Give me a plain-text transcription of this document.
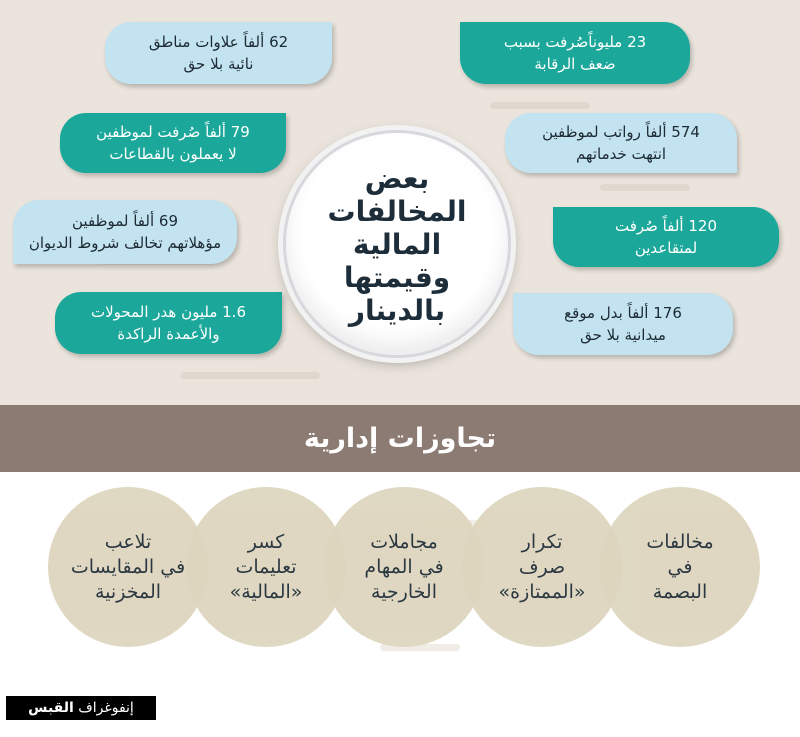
23 مليوناًصُرفت بسبب
ضعف الرقابة
574 ألفاً رواتب لموظفين
انتهت خدماتهم
120 ألفاً صُرفت
لمتقاعدين
176 ألفاً بدل موقع
ميدانية بلا حق
62 ألفاً علاوات مناطق
نائية بلا حق
79 ألفاً صُرفت لموظفين
لا يعملون بالقطاعات
69 ألفاً لموظفين
مؤهلاتهم تخالف شروط الديوان
1.6 مليون هدر المحولات
والأعمدة الراكدة
بعض
المخالفات
المالية
وقيمتها
بالدينار
تجاوزات إدارية
مخالفات
في
البصمة
تكرار
صرف
«الممتازة»
مجاملات
في المهام
الخارجية
كسر
تعليمات
«المالية»
تلاعب
في المقايسات
المخزنية
إنفوغراف

القبس
